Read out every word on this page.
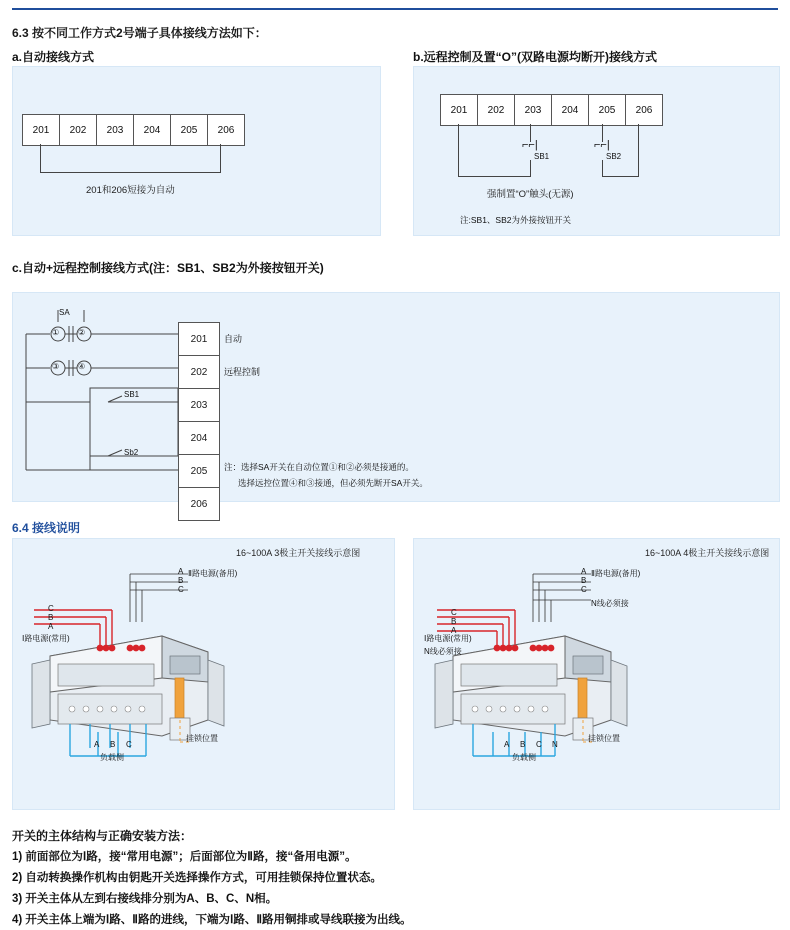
6.3 按不同工作方式2号端子具体接线方法如下：
a.自动接线方式	b.远程控制及置“O”(双路电源均断开)接线方式
201	202	203	204	205	206
201和206短接为自动
201	202	203	204	205	206
⌐⌐|
SB1
⌐⌐|
SB2
强制置“O”触头(无源)
注:SB1、SB2为外接按钮开关
c.自动+远程控制接线方式(注：SB1、SB2为外接按钮开关)
SA
① ②
③ ④
SB1
Sb2
201
202
203
204
205
206
自动
远程控制
注：选择SA开关在自动位置①和②必须是接通的。
选择远控位置④和③接通，但必须先断开SA开关。
6.4 接线说明
16~100A 3极主开关接线示意图	16~100A 4极主开关接线示意图
Ⅰ路电源(常用)
Ⅱ路电源(备用)
A
B
C
C
B
A
A B C
负载侧
挂锁位置
Ⅰ路电源(常用)
N线必须接
Ⅱ路电源(备用)
N线必须接
A
B
C
C
B
A
A B C N
负载侧
挂锁位置
开关的主体结构与正确安装方法：
1) 前面部位为Ⅰ路，接“常用电源”；后面部位为Ⅱ路，接“备用电源”。
2) 自动转换操作机构由钥匙开关选择操作方式，可用挂锁保持位置状态。
3) 开关主体从左到右接线排分别为A、B、C、N相。
4) 开关主体上端为Ⅰ路、Ⅱ路的进线，下端为Ⅰ路、Ⅱ路用铜排或导线联接为出线。
